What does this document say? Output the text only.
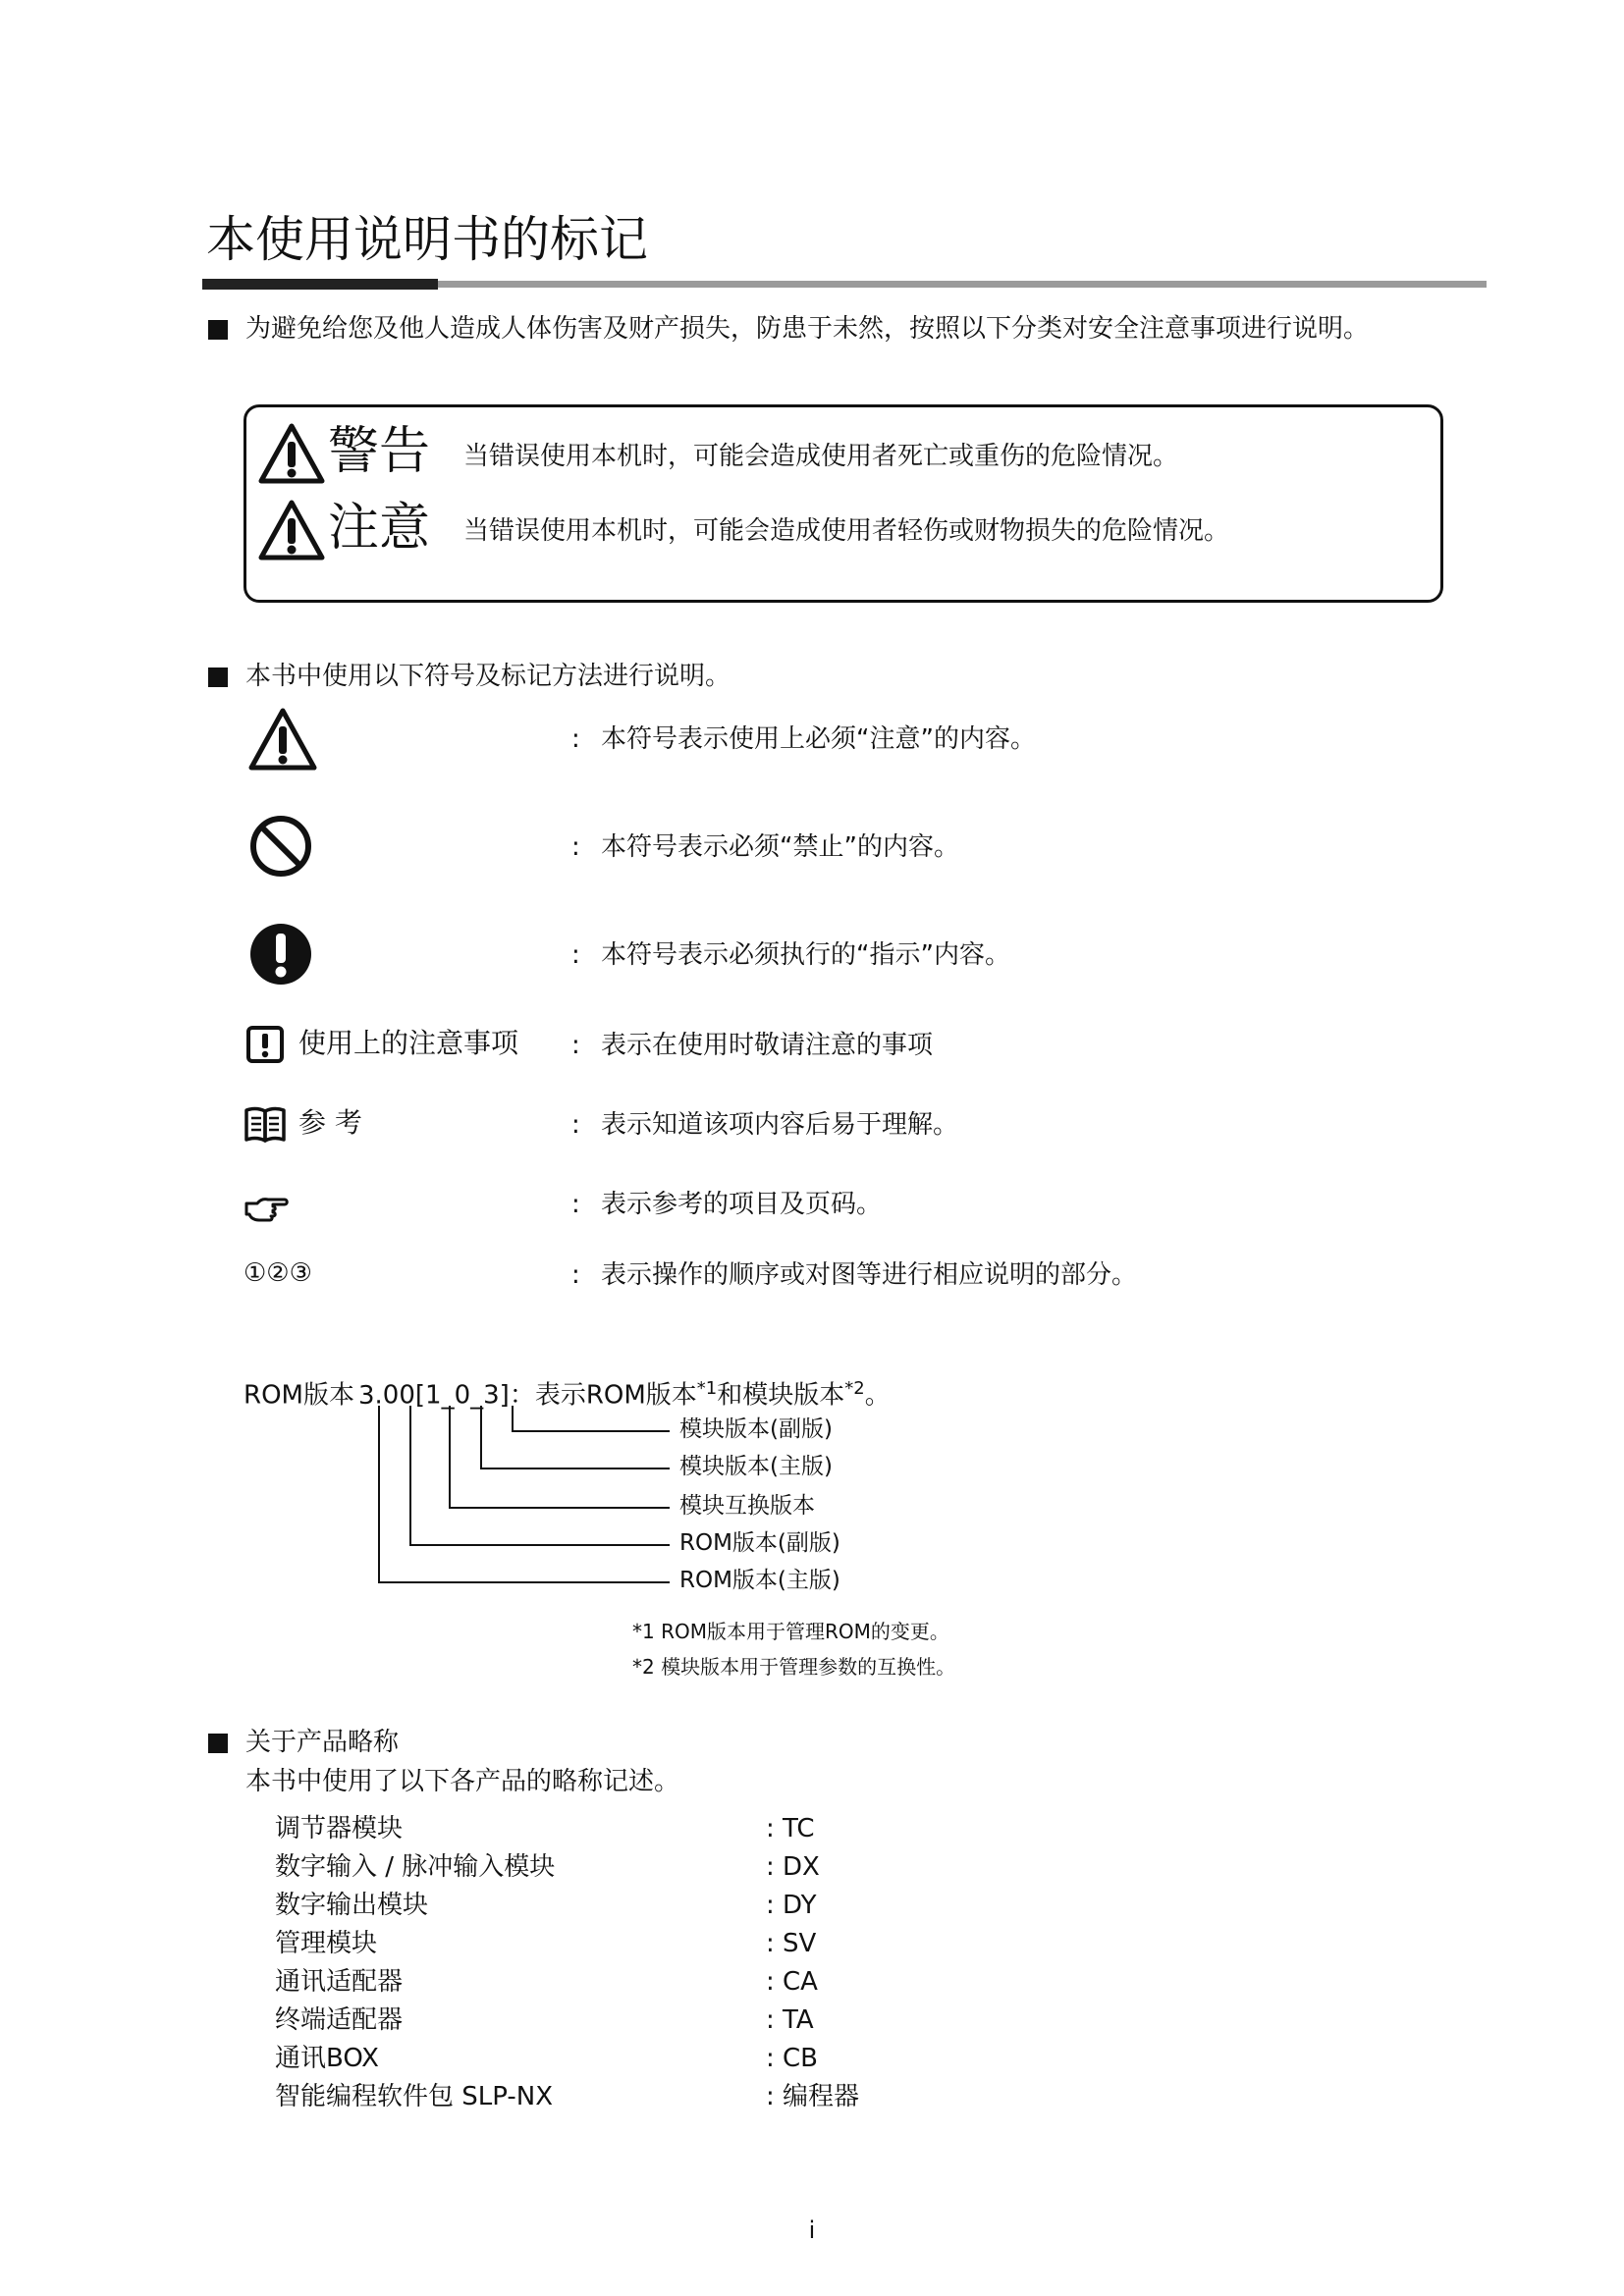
本使用说明书的标记
为避免给您及他人造成人体伤害及财产损失，防患于未然，按照以下分类对安全注意事项进行说明。
警告 当错误使用本机时，可能会造成使用者死亡或重伤的危险情况。
注意 当错误使用本机时，可能会造成使用者轻伤或财物损失的危险情况。
本书中使用以下符号及标记方法进行说明。
: 本符号表示使用上必须“注意”的内容。
: 本符号表示必须“禁止”的内容。
: 本符号表示必须执行的“指示”内容。
使用上的注意事项 : 表示在使用时敬请注意的事项
参 考	: 表示知道该项内容后易于理解。
: 表示参考的项目及页码。
①②③	: 表示操作的顺序或对图等进行相应说明的部分。
ROM版本 3.00[1_0_3]：表示ROM版本$^{*1}$和模块版本$^{*2}$。
模块版本(副版)
模块版本(主版)
模块互换版本
ROM版本(副版)
ROM版本(主版)
*1 ROM版本用于管理ROM的变更。
*2 模块版本用于管理参数的互换性。
关于产品略称
本书中使用了以下各产品的略称记述。
调节器模块	: TC
数字输入 / 脉冲输入模块	: DX
数字输出模块	: DY
管理模块	: SV
通讯适配器	: CA
终端适配器	: TA
通讯BOX	: CB
智能编程软件包 SLP-NX	: 编程器
i
